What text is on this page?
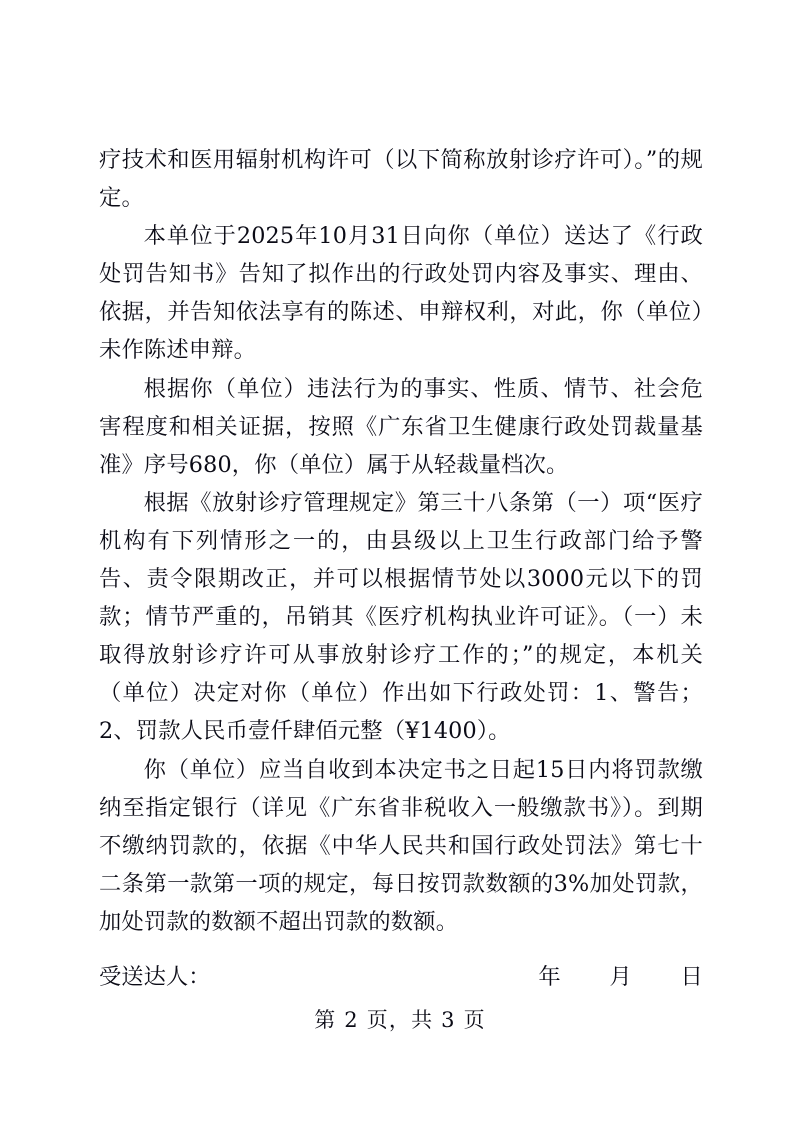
疗技术和医用辐射机构许可（以下简称放射诊疗许可）。”的规定。

本单位于2025年10月31日向你（单位）送达了《行政处罚告知书》告知了拟作出的行政处罚内容及事实、理由、依据，并告知依法享有的陈述、申辩权利，对此，你（单位）未作陈述申辩。

根据你（单位）违法行为的事实、性质、情节、社会危害程度和相关证据，按照《广东省卫生健康行政处罚裁量基准》序号680，你（单位）属于从轻裁量档次。

根据《放射诊疗管理规定》第三十八条第（一）项“医疗机构有下列情形之一的，由县级以上卫生行政部门给予警告、责令限期改正，并可以根据情节处以3000元以下的罚款；情节严重的，吊销其《医疗机构执业许可证》。（一）未取得放射诊疗许可从事放射诊疗工作的；”的规定，本机关（单位）决定对你（单位）作出如下行政处罚：1、警告；2、罚款人民币壹仟肆佰元整（¥1400）。

你（单位）应当自收到本决定书之日起15日内将罚款缴纳至指定银行（详见《广东省非税收入一般缴款书》）。到期不缴纳罚款的，依据《中华人民共和国行政处罚法》第七十二条第一款第一项的规定，每日按罚款数额的3%加处罚款，加处罚款的数额不超出罚款的数额。

受送达人：	年 月 日
第 2 页，共 3 页
